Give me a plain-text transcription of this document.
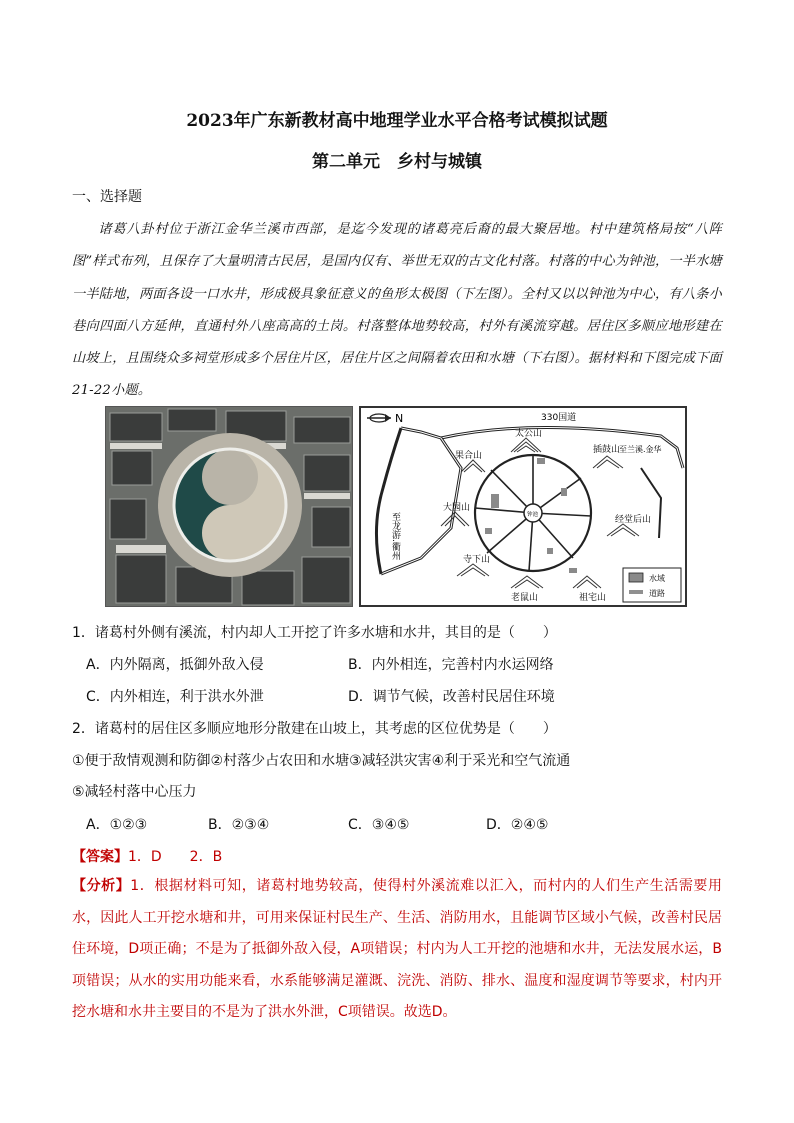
2023年广东新教材高中地理学业水平合格考试模拟试题
第二单元　乡村与城镇
一、选择题
诸葛八卦村位于浙江金华兰溪市西部，是迄今发现的诸葛亮后裔的最大聚居地。村中建筑格局按“八阵图”样式布列，且保存了大量明清古民居，是国内仅有、举世无双的古文化村落。村落的中心为钟池，一半水塘一半陆地，两面各设一口水井，形成极具象征意义的鱼形太极图（下左图）。全村又以以钟池为中心，有八条小巷向四面八方延伸，直通村外八座高高的土岗。村落整体地势较高，村外有溪流穿越。居住区多顺应地形建在山坡上，且围绕众多祠堂形成多个居住片区，居住片区之间隔着农田和水塘（下右图）。据材料和下图完成下面21-22小题。
N	330国道
至兰溪.金华
钟池
太公山
果合山
插鼓山
大园山
经堂后山
寺下山
老鼠山	祖宅山
至龙游.衢州
水域
道路
1．诸葛村外侧有溪流，村内却人工开挖了许多水塘和水井，其目的是（　　）
A．内外隔离，抵御外敌入侵	B．内外相连，完善村内水运网络
C．内外相连，利于洪水外泄	D．调节气候，改善村民居住环境
2．诸葛村的居住区多顺应地形分散建在山坡上，其考虑的区位优势是（　　）
①便于敌情观测和防御②村落少占农田和水塘③减轻洪灾害④利于采光和空气流通
⑤减轻村落中心压力
A．①②③	B．②③④	C．③④⑤	D．②④⑤
【答案】1．D　　2．B
【分析】1．根据材料可知，诸葛村地势较高，使得村外溪流难以汇入，而村内的人们生产生活需要用水，因此人工开挖水塘和井，可用来保证村民生产、生活、消防用水，且能调节区域小气候，改善村民居住环境，D项正确；不是为了抵御外敌入侵，A项错误；村内为人工开挖的池塘和水井，无法发展水运，B项错误；从水的实用功能来看，水系能够满足灌溉、浣洗、消防、排水、温度和湿度调节等要求，村内开挖水塘和水井主要目的不是为了洪水外泄，C项错误。故选D。
